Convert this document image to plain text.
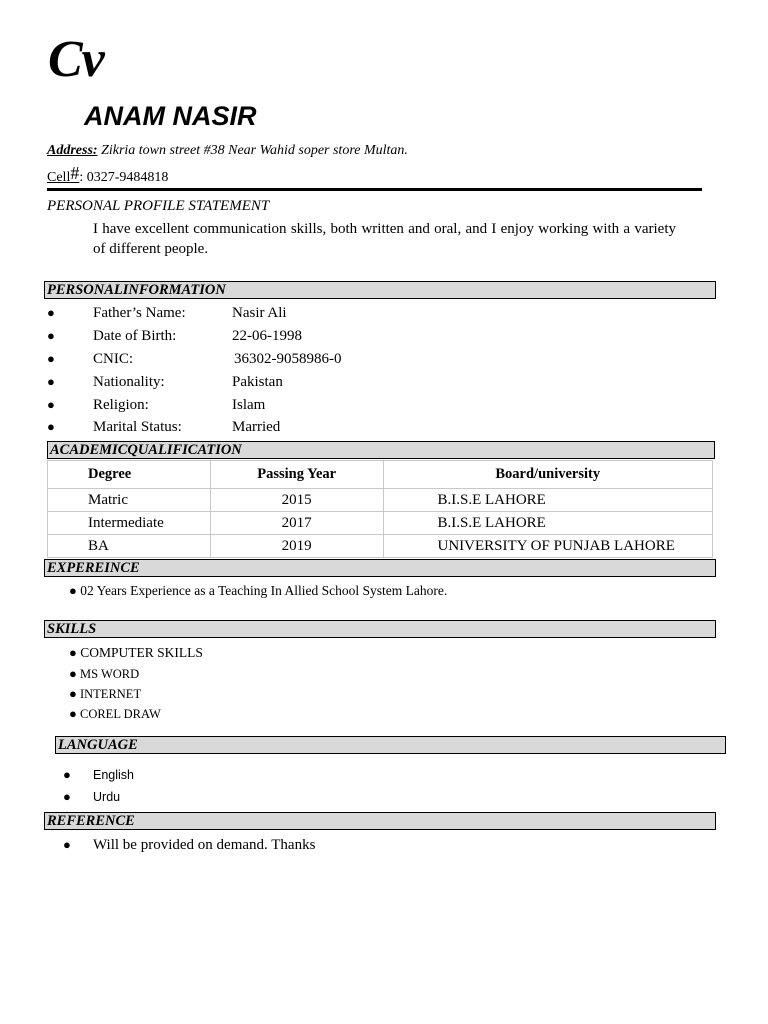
Cv
ANAM NASIR
Address: Zikria town street #38 Near Wahid soper store Multan.
Cell#: 0327-9484818
PERSONAL PROFILE STATEMENT
I have excellent communication skills, both written and oral, and I enjoy working with a variety of different people.
PERSONALINFORMATION
●	Father’s Name:	Nasir Ali
●	Date of Birth:	22-06-1998
●	CNIC:	36302-9058986-0
●	Nationality:	Pakistan
●	Religion:	Islam
●	Marital Status:	Married
ACADEMICQUALIFICATION
Degree	Passing Year	Board/university
Matric	2015	B.I.S.E LAHORE
Intermediate	2017	B.I.S.E LAHORE
BA	2019	UNIVERSITY OF PUNJAB LAHORE
EXPEREINCE
● 02 Years Experience as a Teaching In Allied School System Lahore.
SKILLS
● COMPUTER SKILLS
● MS WORD
● INTERNET
● COREL DRAW
LANGUAGE
● English
● Urdu
REFERENCE
● Will be provided on demand. Thanks
